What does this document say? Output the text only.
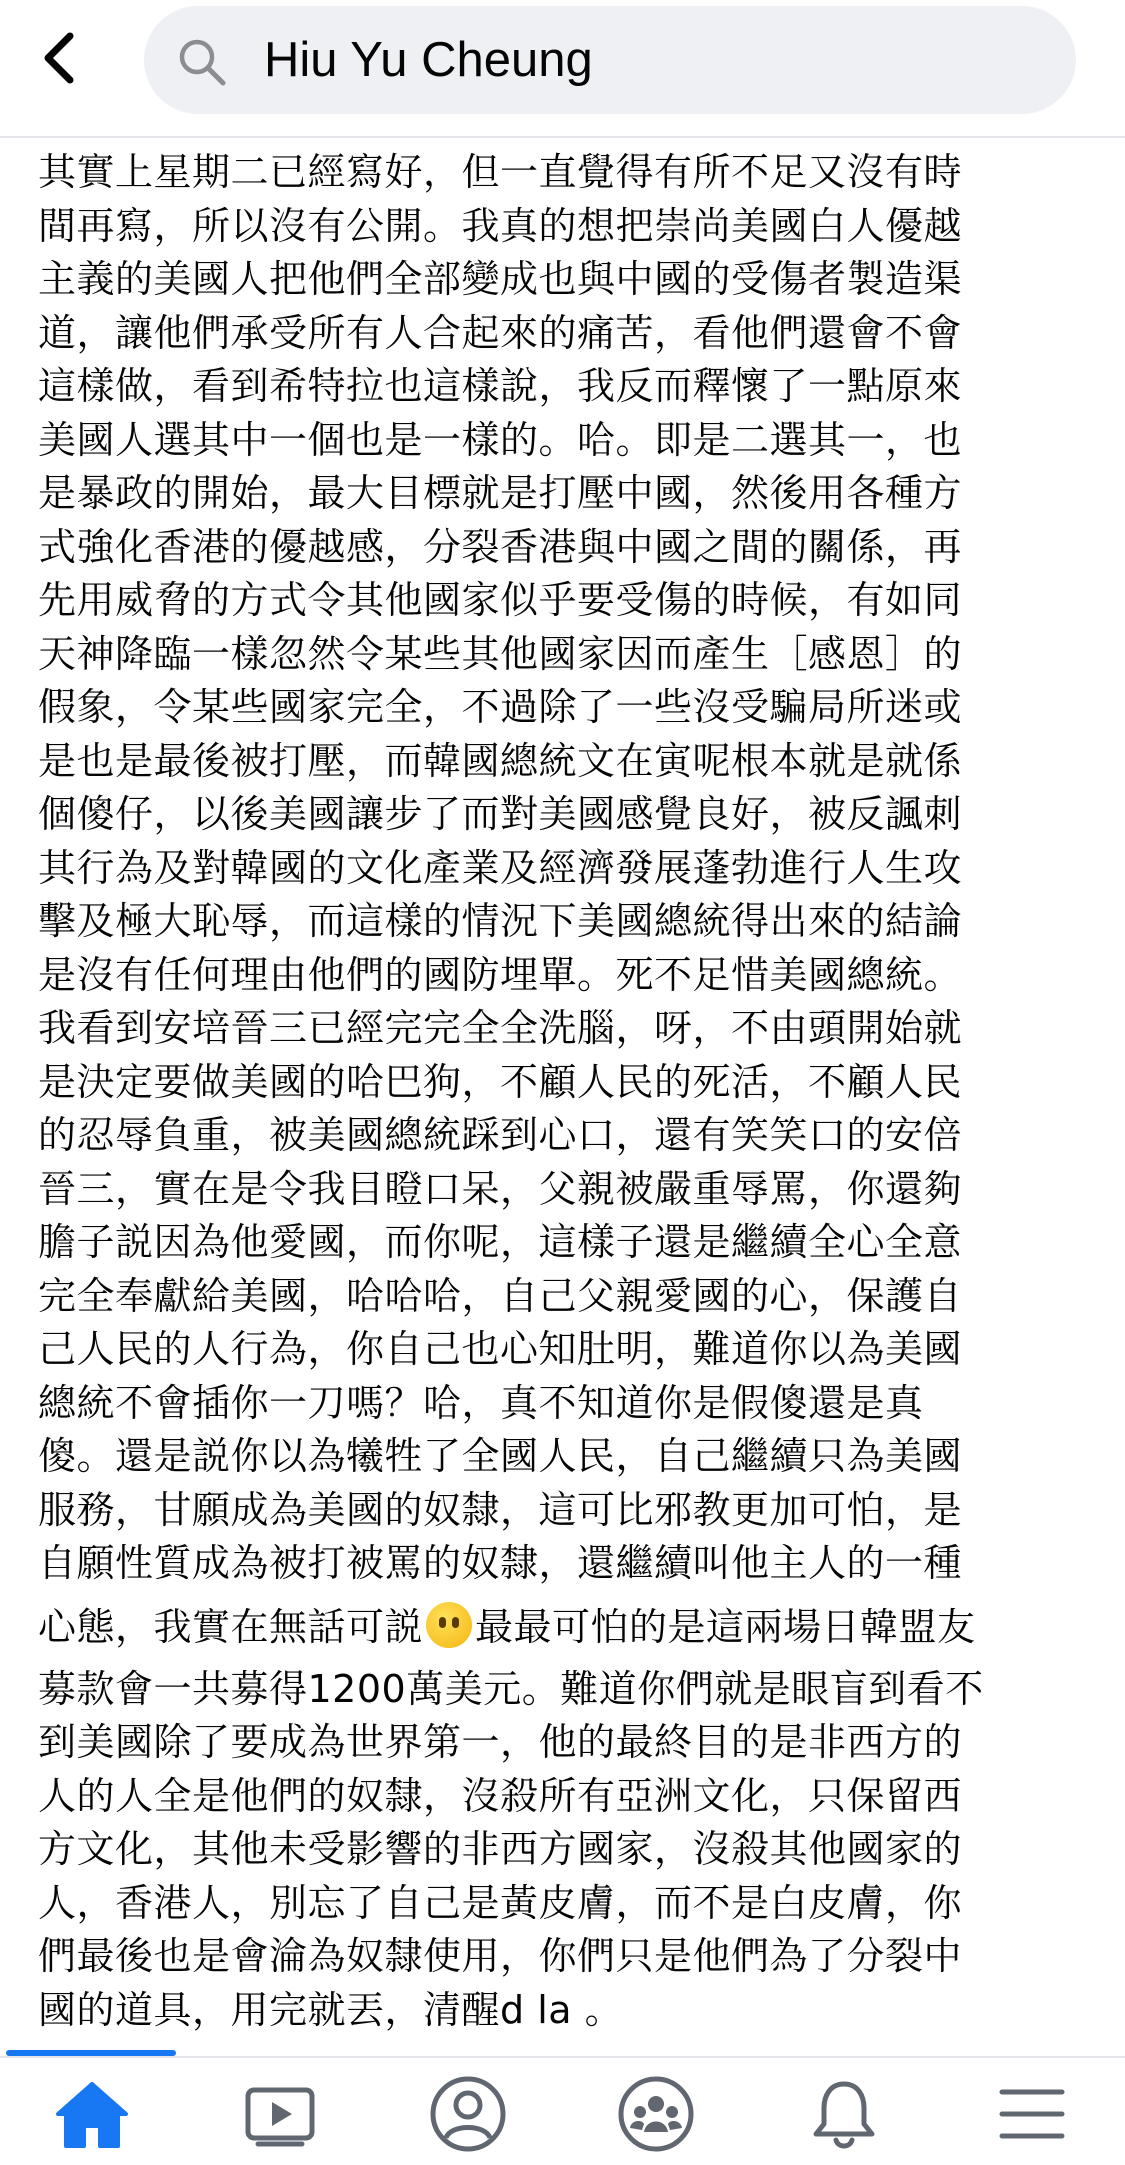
Hiu Yu Cheung
其實上星期二已經寫好，但一直覺得有所不足又沒有時
間再寫，所以沒有公開。我真的想把崇尚美國白人優越
主義的美國人把他們全部變成也與中國的受傷者製造渠
道，讓他們承受所有人合起來的痛苦，看他們還會不會
這樣做，看到希特拉也這樣說，我反而釋懷了一點原來
美國人選其中一個也是一樣的。哈。即是二選其一，也
是暴政的開始，最大目標就是打壓中國，然後用各種方
式強化香港的優越感，分裂香港與中國之間的關係，再
先用威脅的方式令其他國家似乎要受傷的時候，有如同
天神降臨一樣忽然令某些其他國家因而產生［感恩］的
假象，令某些國家完全，不過除了一些沒受騙局所迷或
是也是最後被打壓，而韓國總統文在寅呢根本就是就係
個傻仔，以後美國讓步了而對美國感覺良好，被反諷刺
其行為及對韓國的文化產業及經濟發展蓬勃進行人生攻
擊及極大恥辱，而這樣的情況下美國總統得出來的結論
是沒有任何理由他們的國防埋單。死不足惜美國總統。
我看到安培晉三已經完完全全洗腦，呀，不由頭開始就
是決定要做美國的哈巴狗，不顧人民的死活，不顧人民
的忍辱負重，被美國總統踩到心口，還有笑笑口的安倍
晉三，實在是令我目瞪口呆，父親被嚴重辱罵，你還夠
膽子説因為他愛國，而你呢，這樣子還是繼續全心全意
完全奉獻給美國，哈哈哈，自己父親愛國的心，保護自
己人民的人行為，你自己也心知肚明，難道你以為美國
總統不會插你一刀嗎？哈，真不知道你是假傻還是真
傻。還是説你以為犧牲了全國人民，自己繼續只為美國
服務，甘願成為美國的奴隸，這可比邪教更加可怕，是
自願性質成為被打被罵的奴隸，還繼續叫他主人的一種
心態，我實在無話可説 最最可怕的是這兩場日韓盟友
募款會一共募得1200萬美元。難道你們就是眼盲到看不
到美國除了要成為世界第一，他的最終目的是非西方的
人的人全是他們的奴隸，沒殺所有亞洲文化，只保留西
方文化，其他未受影響的非西方國家，沒殺其他國家的
人，香港人，別忘了自己是黃皮膚，而不是白皮膚，你
們最後也是會淪為奴隸使用，你們只是他們為了分裂中
國的道具，用完就丟，清醒d la 。
